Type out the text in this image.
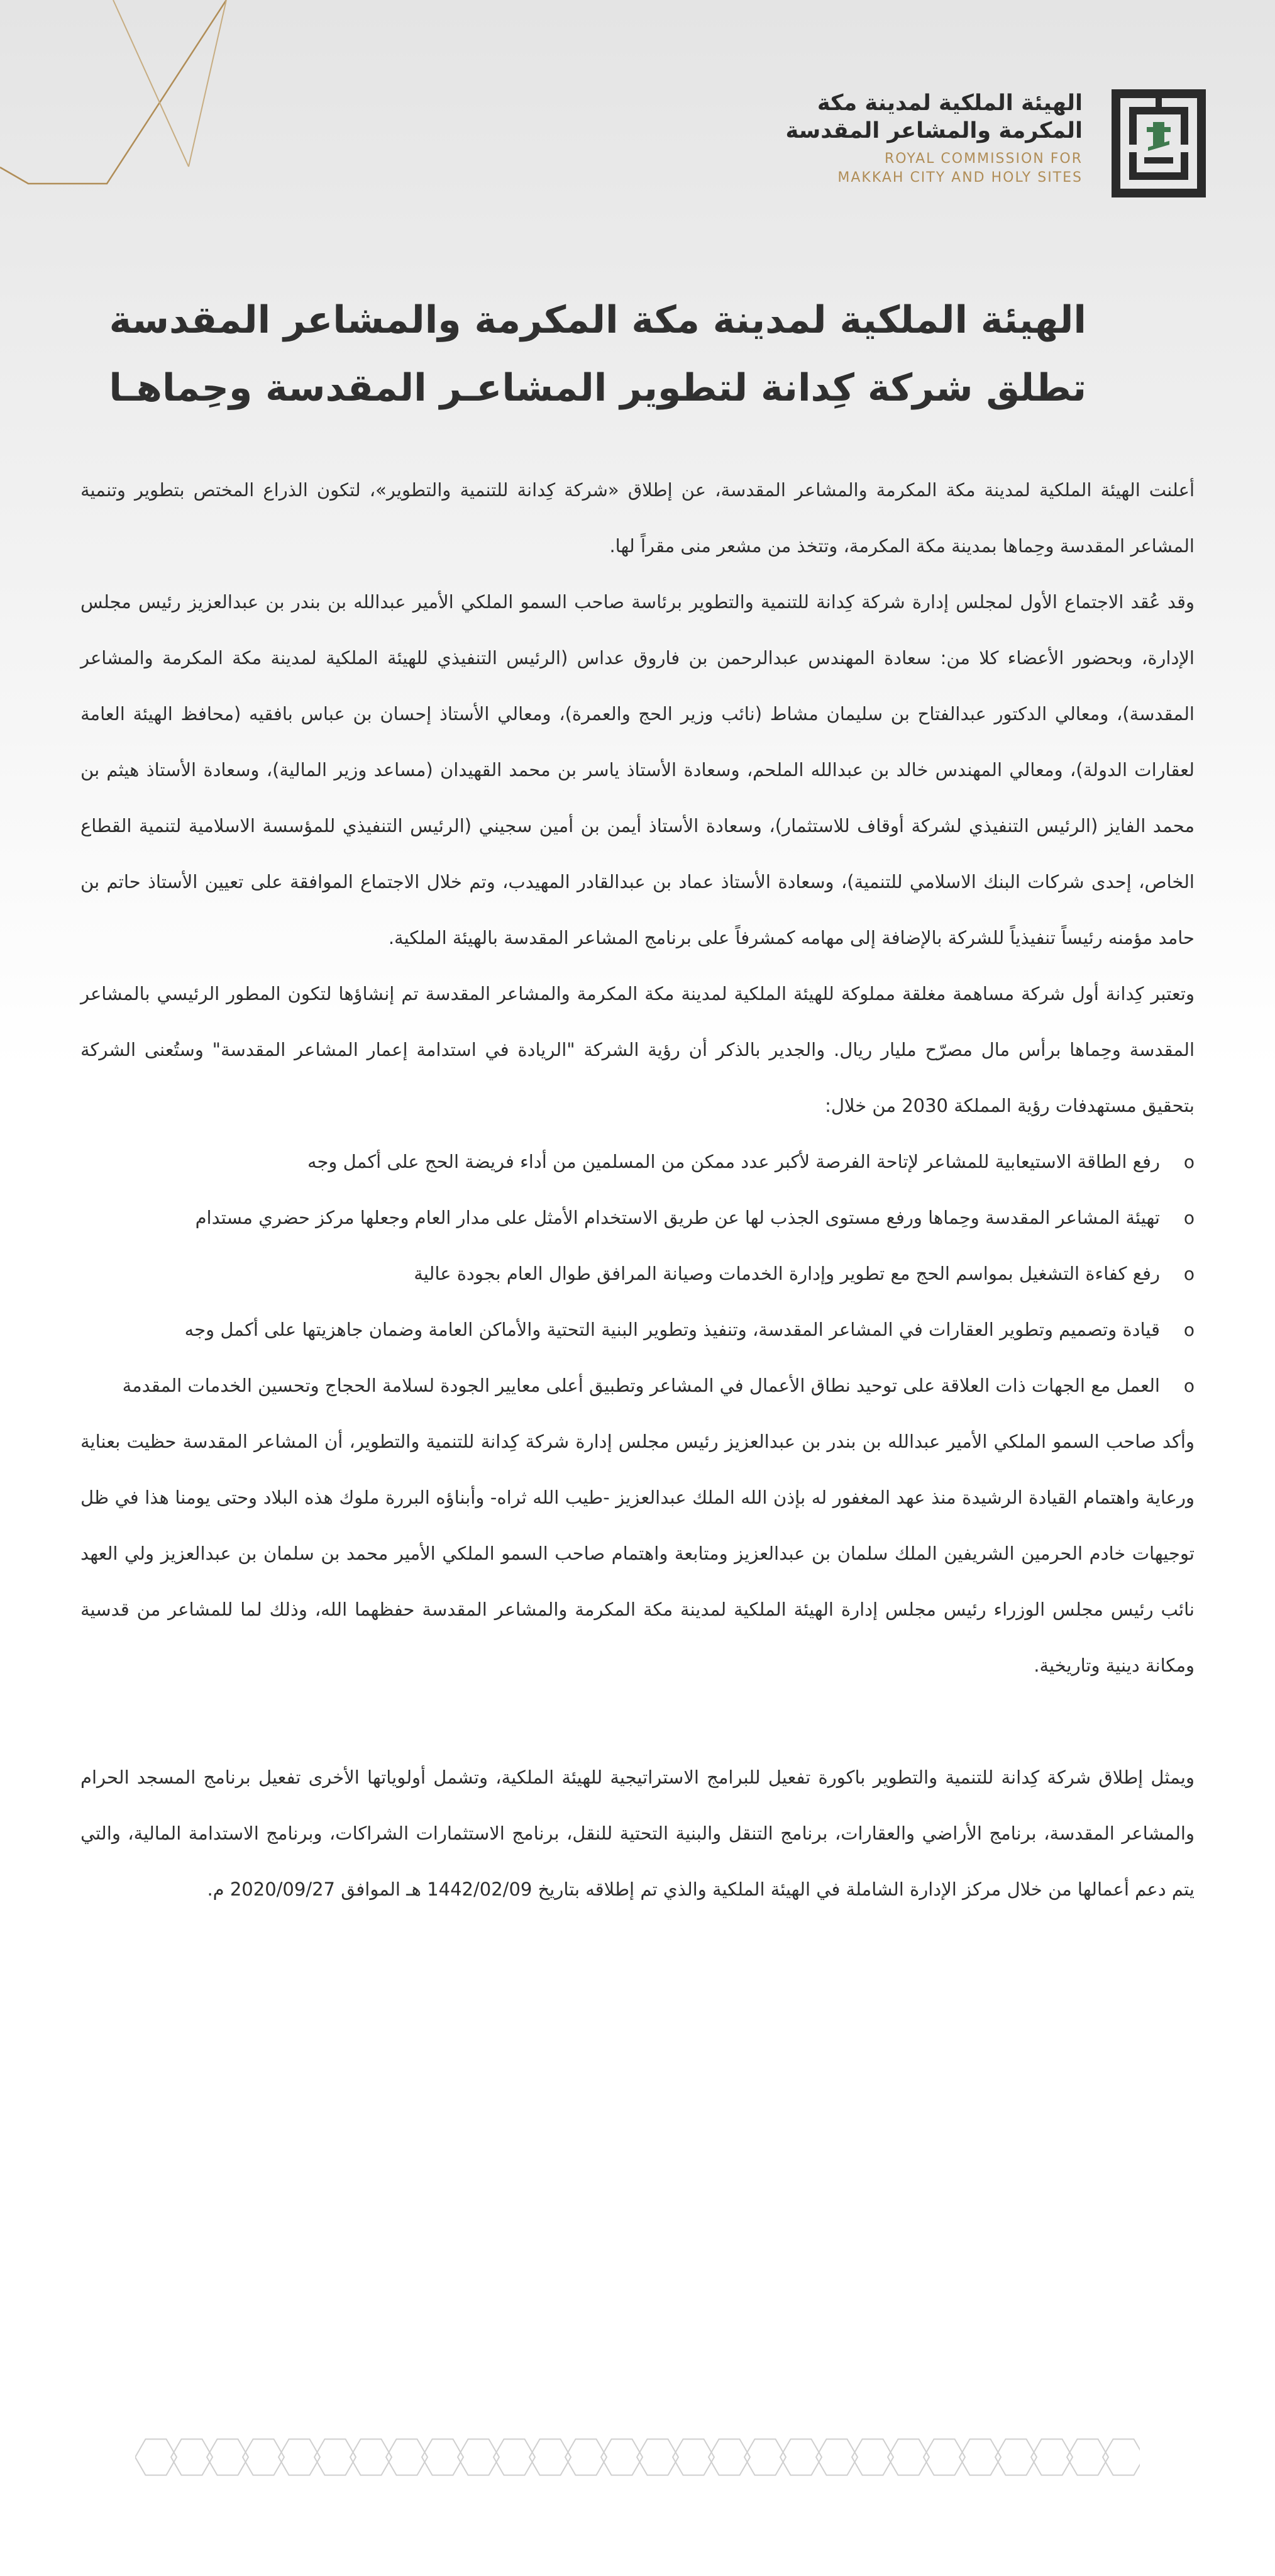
الهيئة الملكية لمدينة مكة
المكرمة والمشاعر المقدسة
ROYAL COMMISSION FOR
MAKKAH CITY AND HOLY SITES
الهيئة الملكية لمدينة مكة المكرمة والمشاعر المقدسة
تطلق شركة كِدانة لتطوير المشاعـر المقدسة وحِماهـا

أعلنت الهيئة الملكية لمدينة مكة المكرمة والمشاعر المقدسة، عن إطلاق «شركة كِدانة للتنمية والتطوير»، لتكون الذراع المختص بتطوير وتنمية المشاعر المقدسة وحِماها بمدينة مكة المكرمة، وتتخذ من مشعر منى مقراً لها.

وقد عُقد الاجتماع الأول لمجلس إدارة شركة كِدانة للتنمية والتطوير برئاسة صاحب السمو الملكي الأمير عبدالله بن بندر بن عبدالعزيز رئيس مجلس الإدارة، وبحضور الأعضاء كلا من: سعادة المهندس عبدالرحمن بن فاروق عداس (الرئيس التنفيذي للهيئة الملكية لمدينة مكة المكرمة والمشاعر المقدسة)، ومعالي الدكتور عبدالفتاح بن سليمان مشاط (نائب وزير الحج والعمرة)، ومعالي الأستاذ إحسان بن عباس بافقيه (محافظ الهيئة العامة لعقارات الدولة)، ومعالي المهندس خالد بن عبدالله الملحم، وسعادة الأستاذ ياسر بن محمد القهيدان (مساعد وزير المالية)، وسعادة الأستاذ هيثم بن محمد الفايز (الرئيس التنفيذي لشركة أوقاف للاستثمار)، وسعادة الأستاذ أيمن بن أمين سجيني (الرئيس التنفيذي للمؤسسة الاسلامية لتنمية القطاع الخاص، إحدى شركات البنك الاسلامي للتنمية)، وسعادة الأستاذ عماد بن عبدالقادر المهيدب، وتم خلال الاجتماع الموافقة على تعيين الأستاذ حاتم بن حامد مؤمنه رئيساً تنفيذياً للشركة بالإضافة إلى مهامه كمشرفاً على برنامج المشاعر المقدسة بالهيئة الملكية.

وتعتبر كِدانة أول شركة مساهمة مغلقة مملوكة للهيئة الملكية لمدينة مكة المكرمة والمشاعر المقدسة تم إنشاؤها لتكون المطور الرئيسي بالمشاعر المقدسة وحِماها برأس مال مصرّح مليار ريال. والجدير بالذكر أن رؤية الشركة "الريادة في استدامة إعمار المشاعر المقدسة" وستُعنى الشركة بتحقيق مستهدفات رؤية المملكة 2030 من خلال:

o
رفع الطاقة الاستيعابية للمشاعر لإتاحة الفرصة لأكبر عدد ممكن من المسلمين من أداء فريضة الحج على أكمل وجه
o
تهيئة المشاعر المقدسة وحِماها ورفع مستوى الجذب لها عن طريق الاستخدام الأمثل على مدار العام وجعلها مركز حضري مستدام
o
رفع كفاءة التشغيل بمواسم الحج مع تطوير وإدارة الخدمات وصيانة المرافق طوال العام بجودة عالية
o
قيادة وتصميم وتطوير العقارات في المشاعر المقدسة، وتنفيذ وتطوير البنية التحتية والأماكن العامة وضمان جاهزيتها على أكمل وجه
o
العمل مع الجهات ذات العلاقة على توحيد نطاق الأعمال في المشاعر وتطبيق أعلى معايير الجودة لسلامة الحجاج وتحسين الخدمات المقدمة

وأكد صاحب السمو الملكي الأمير عبدالله بن بندر بن عبدالعزيز رئيس مجلس إدارة شركة كِدانة للتنمية والتطوير، أن المشاعر المقدسة حظيت بعناية ورعاية واهتمام القيادة الرشيدة منذ عهد المغفور له بإذن الله الملك عبدالعزيز -طيب الله ثراه- وأبناؤه البررة ملوك هذه البلاد وحتى يومنا هذا في ظل توجيهات خادم الحرمين الشريفين الملك سلمان بن عبدالعزيز ومتابعة واهتمام صاحب السمو الملكي الأمير محمد بن سلمان بن عبدالعزيز ولي العهد نائب رئيس مجلس الوزراء رئيس مجلس إدارة الهيئة الملكية لمدينة مكة المكرمة والمشاعر المقدسة حفظهما الله، وذلك لما للمشاعر من قدسية ومكانة دينية وتاريخية.

ويمثل إطلاق شركة كِدانة للتنمية والتطوير باكورة تفعيل للبرامج الاستراتيجية للهيئة الملكية، وتشمل أولوياتها الأخرى تفعيل برنامج المسجد الحرام والمشاعر المقدسة، برنامج الأراضي والعقارات، برنامج التنقل والبنية التحتية للنقل، برنامج الاستثمارات الشراكات، وبرنامج الاستدامة المالية، والتي يتم دعم أعمالها من خلال مركز الإدارة الشاملة في الهيئة الملكية والذي تم إطلاقه بتاريخ 1442/02/09 هـ الموافق 2020/09/27 م.
